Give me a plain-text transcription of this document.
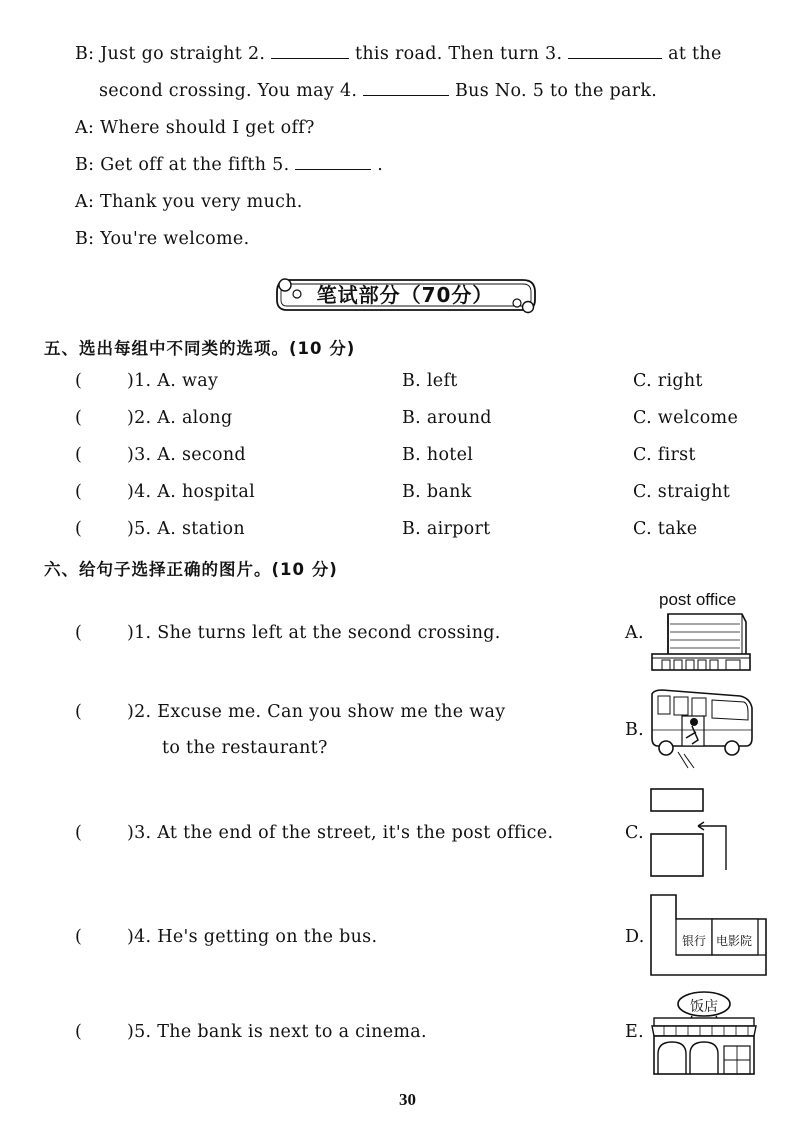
B: Just go straight 2.	this road. Then turn 3.	at the
second crossing. You may 4.	Bus No. 5 to the park.
A: Where should I get off?
B: Get off at the fifth 5.	.
A: Thank you very much.
B: You're welcome.
笔试部分（70分）
五、选出每组中不同类的选项。(10 分)
(	)1. A. way	B. left	C. right
(	)2. A. along	B. around	C. welcome
(	)3. A. second	B. hotel	C. first
(	)4. A. hospital	B. bank	C. straight
(	)5. A. station	B. airport	C. take
六、给句子选择正确的图片。(10 分)
(	)1. She turns left at the second crossing.
(	)2. Excuse me. Can you show me the way
to the restaurant?
(	)3. At the end of the street, it's the post office.
(	)4. He's getting on the bus.
(	)5. The bank is next to a cinema.
A.
B.
C.
D.
E.
post office
银行 电影院
饭店
30
